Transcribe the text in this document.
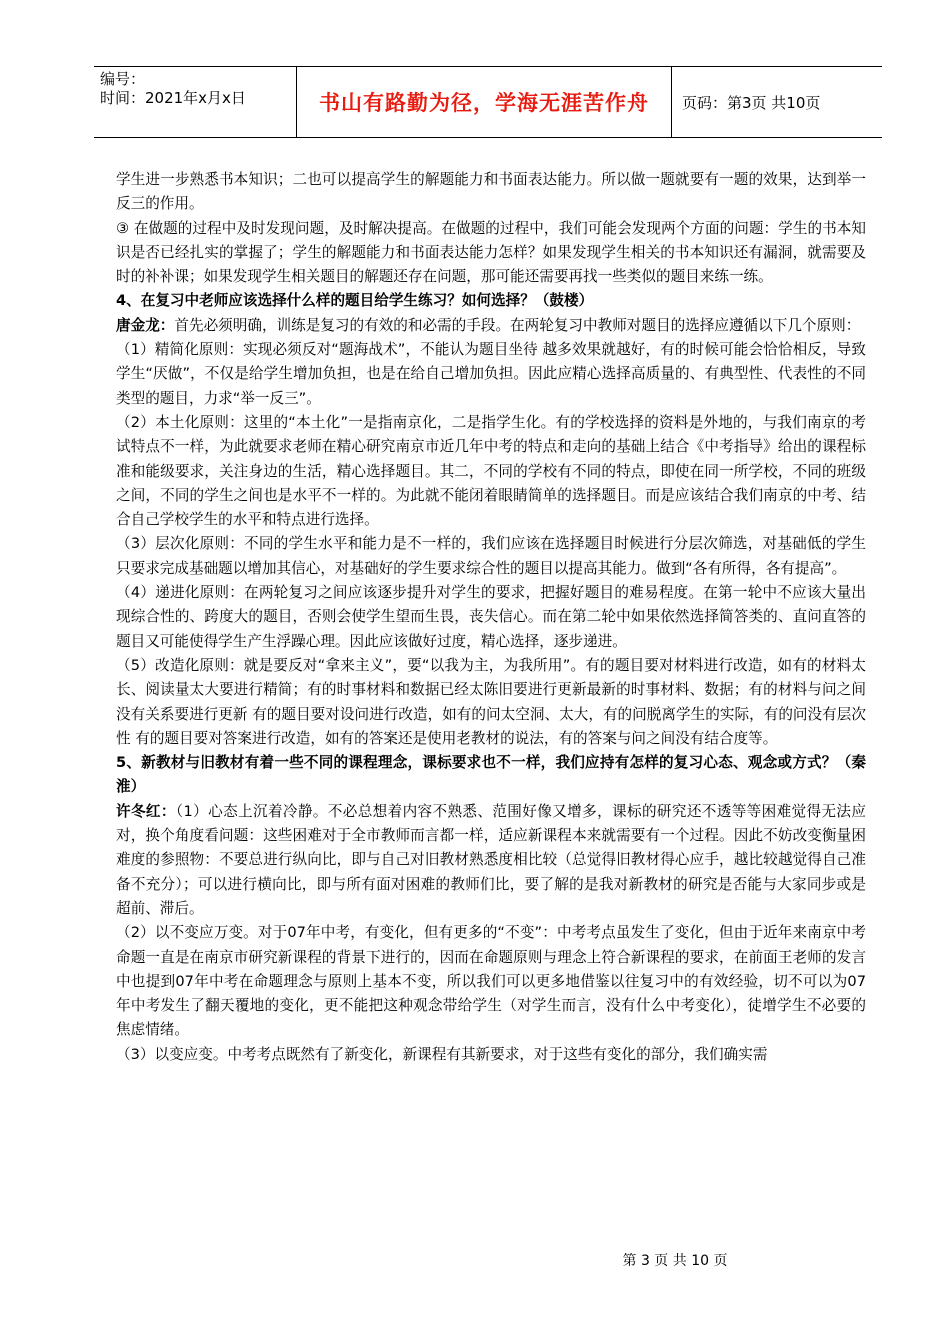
编号：
时间：2021年x月x日	书山有路勤为径，学海无涯苦作舟	页码：第3页 共10页

学生进一步熟悉书本知识；二也可以提高学生的解题能力和书面表达能力。所以做一题就要有一题的效果，达到举一反三的作用。

③ 在做题的过程中及时发现问题，及时解决提高。在做题的过程中，我们可能会发现两个方面的问题：学生的书本知识是否已经扎实的掌握了；学生的解题能力和书面表达能力怎样？如果发现学生相关的书本知识还有漏洞，就需要及时的补补课；如果发现学生相关题目的解题还存在问题，那可能还需要再找一些类似的题目来练一练。

4、在复习中老师应该选择什么样的题目给学生练习？如何选择？（鼓楼）

唐金龙：首先必须明确，训练是复习的有效的和必需的手段。在两轮复习中教师对题目的选择应遵循以下几个原则：

（1）精简化原则：实现必须反对“题海战术”，不能认为题目坐待 越多效果就越好，有的时候可能会恰恰相反，导致学生“厌做”，不仅是给学生增加负担，也是在给自己增加负担。因此应精心选择高质量的、有典型性、代表性的不同类型的题目，力求“举一反三”。

（2）本土化原则：这里的“本土化”一是指南京化，二是指学生化。有的学校选择的资料是外地的，与我们南京的考试特点不一样，为此就要求老师在精心研究南京市近几年中考的特点和走向的基础上结合《中考指导》给出的课程标准和能级要求，关注身边的生活，精心选择题目。其二，不同的学校有不同的特点，即使在同一所学校，不同的班级之间，不同的学生之间也是水平不一样的。为此就不能闭着眼睛简单的选择题目。而是应该结合我们南京的中考、结合自己学校学生的水平和特点进行选择。

（3）层次化原则：不同的学生水平和能力是不一样的，我们应该在选择题目时候进行分层次筛选，对基础低的学生只要求完成基础题以增加其信心，对基础好的学生要求综合性的题目以提高其能力。做到“各有所得，各有提高”。

（4）递进化原则：在两轮复习之间应该逐步提升对学生的要求，把握好题目的难易程度。在第一轮中不应该大量出现综合性的、跨度大的题目，否则会使学生望而生畏，丧失信心。而在第二轮中如果依然选择简答类的、直问直答的题目又可能使得学生产生浮躁心理。因此应该做好过度，精心选择，逐步递进。

（5）改造化原则：就是要反对“拿来主义”，要“以我为主，为我所用”。有的题目要对材料进行改造，如有的材料太长、阅读量太大要进行精简；有的时事材料和数据已经太陈旧要进行更新最新的时事材料、数据；有的材料与问之间没有关系要进行更新 有的题目要对设问进行改造，如有的问太空洞、太大，有的问脱离学生的实际，有的问没有层次性 有的题目要对答案进行改造，如有的答案还是使用老教材的说法，有的答案与问之间没有结合度等。

5、新教材与旧教材有着一些不同的课程理念，课标要求也不一样，我们应持有怎样的复习心态、观念或方式？（秦淮）

许冬红：（1）心态上沉着冷静。不必总想着内容不熟悉、范围好像又增多，课标的研究还不透等等困难觉得无法应对，换个角度看问题：这些困难对于全市教师而言都一样，适应新课程本来就需要有一个过程。因此不妨改变衡量困难度的参照物：不要总进行纵向比，即与自己对旧教材熟悉度相比较（总觉得旧教材得心应手，越比较越觉得自己准备不充分）；可以进行横向比，即与所有面对困难的教师们比，要了解的是我对新教材的研究是否能与大家同步或是超前、滞后。

（2）以不变应万变。对于07年中考，有变化，但有更多的“不变”：中考考点虽发生了变化，但由于近年来南京中考命题一直是在南京市研究新课程的背景下进行的，因而在命题原则与理念上符合新课程的要求，在前面王老师的发言中也提到07年中考在命题理念与原则上基本不变，所以我们可以更多地借鉴以往复习中的有效经验，切不可以为07年中考发生了翻天覆地的变化，更不能把这种观念带给学生（对学生而言，没有什么中考变化），徒增学生不必要的焦虑情绪。

（3）以变应变。中考考点既然有了新变化，新课程有其新要求，对于这些有变化的部分，我们确实需

第 3 页 共 10 页
